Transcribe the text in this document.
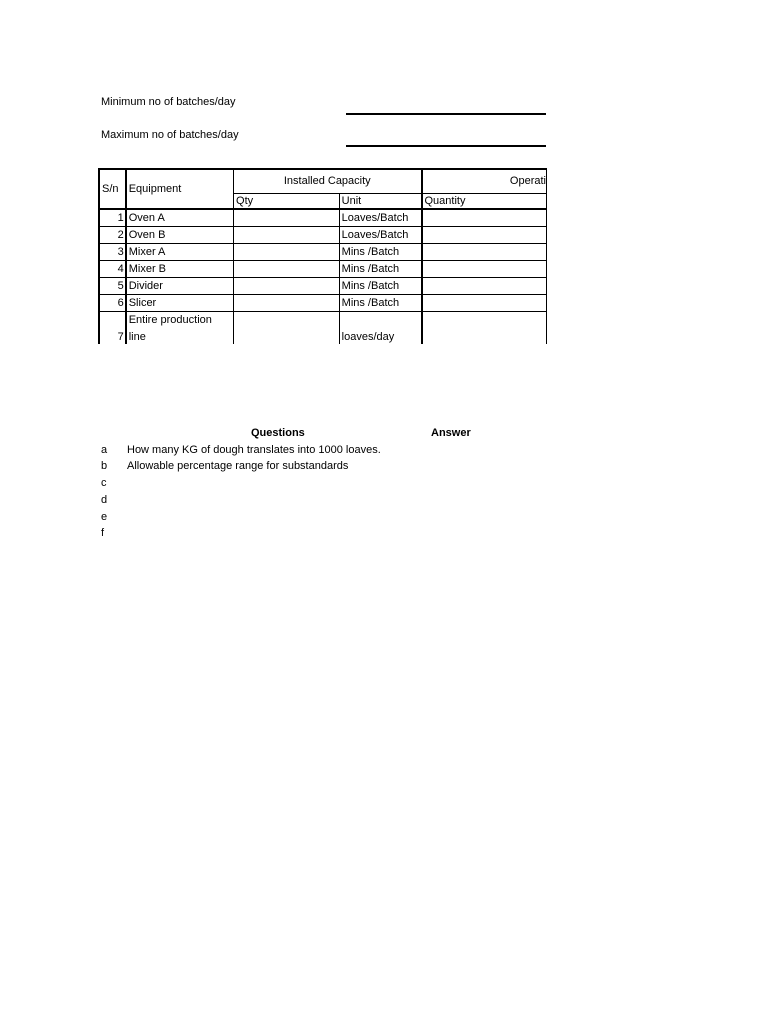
Minimum no of batches/day
Maximum no of batches/day
S/n	Equipment	Installed Capacity		Operati
		Qty	Unit	Quantity
1	Oven A		Loaves/Batch	
2	Oven B		Loaves/Batch	
3	Mixer A		Mins /Batch	
4	Mixer B		Mins /Batch	
5	Divider		Mins /Batch	
6	Slicer		Mins /Batch	
7	Entire production line		loaves/day	
Questions	Answer
a How many KG of dough translates into 1000 loaves.
b Allowable percentage range for substandards
c
d
e
f
